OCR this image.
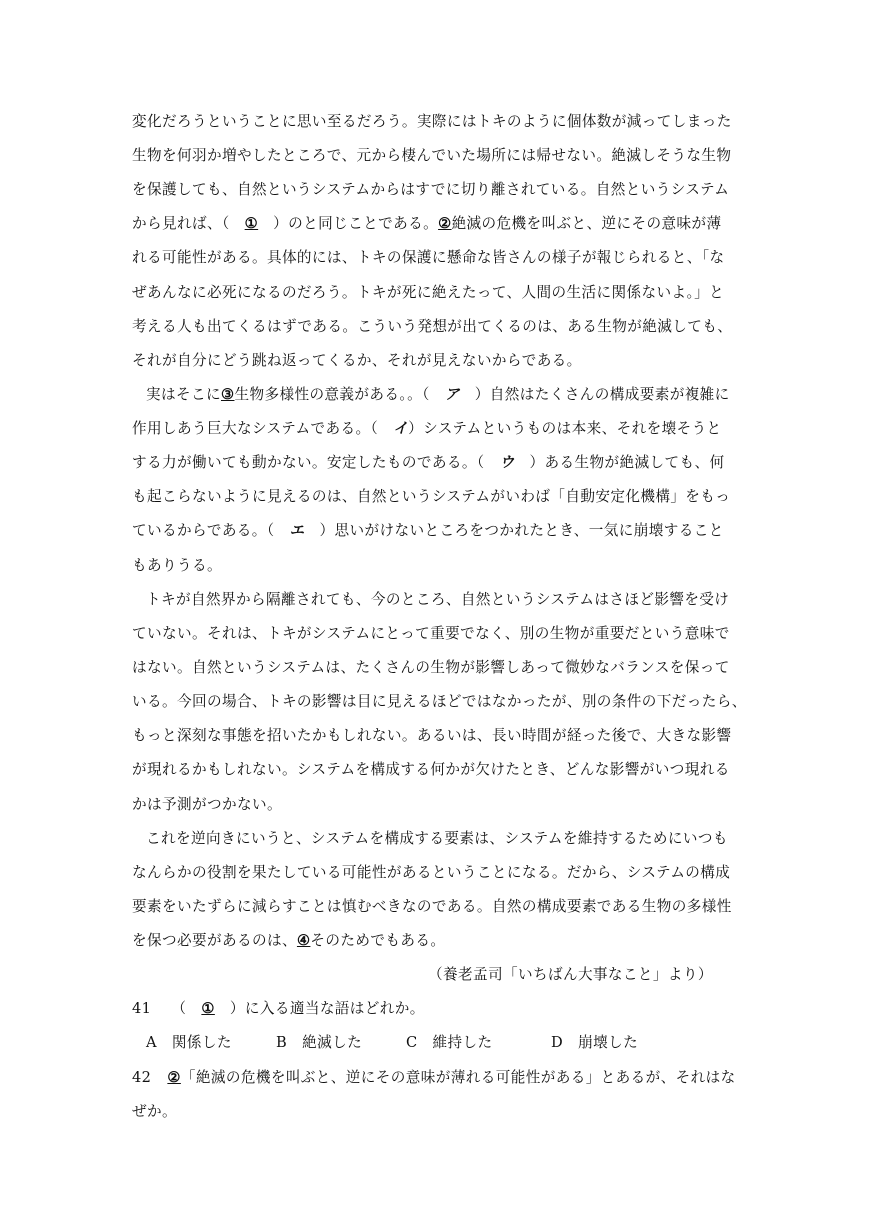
変化だろうということに思い至るだろう。実際にはトキのように個体数が減ってしまった
生物を何羽か増やしたところで、元から棲んでいた場所には帰せない。絶滅しそうな生物
を保護しても、自然というシステムからはすでに切り離されている。自然というシステム
から見れば、（　①　）のと同じことである。②絶滅の危機を叫ぶと、逆にその意味が薄
れる可能性がある。具体的には、トキの保護に懸命な皆さんの様子が報じられると、「な
ぜあんなに必死になるのだろう。トキが死に絶えたって、人間の生活に関係ないよ。」と
考える人も出てくるはずである。こういう発想が出てくるのは、ある生物が絶滅しても、
それが自分にどう跳ね返ってくるか、それが見えないからである。
実はそこに③生物多様性の意義がある。。（　ア　）自然はたくさんの構成要素が複雑に
作用しあう巨大なシステムである。（　イ）システムというものは本来、それを壊そうと
する力が働いても動かない。安定したものである。（　ウ　）ある生物が絶滅しても、何
も起こらないように見えるのは、自然というシステムがいわば「自動安定化機構」をもっ
ているからである。（　エ　）思いがけないところをつかれたとき、一気に崩壊すること
もありうる。
トキが自然界から隔離されても、今のところ、自然というシステムはさほど影響を受け
ていない。それは、トキがシステムにとって重要でなく、別の生物が重要だという意味で
はない。自然というシステムは、たくさんの生物が影響しあって微妙なバランスを保って
いる。今回の場合、トキの影響は目に見えるほどではなかったが、別の条件の下だったら、
もっと深刻な事態を招いたかもしれない。あるいは、長い時間が経った後で、大きな影響
が現れるかもしれない。システムを構成する何かが欠けたとき、どんな影響がいつ現れる
かは予測がつかない。
これを逆向きにいうと、システムを構成する要素は、システムを維持するためにいつも
なんらかの役割を果たしている可能性があるということになる。だから、システムの構成
要素をいたずらに減らすことは慎むべきなのである。自然の構成要素である生物の多様性
を保つ必要があるのは、④そのためでもある。
（養老孟司「いちばん大事なこと」より）
41 （　①　）に入る適当な語はどれか。
A　関係した	B　絶滅した	C　維持した	D　崩壊した
42 ②「絶滅の危機を叫ぶと、逆にその意味が薄れる可能性がある」とあるが、それはな
ぜか。
